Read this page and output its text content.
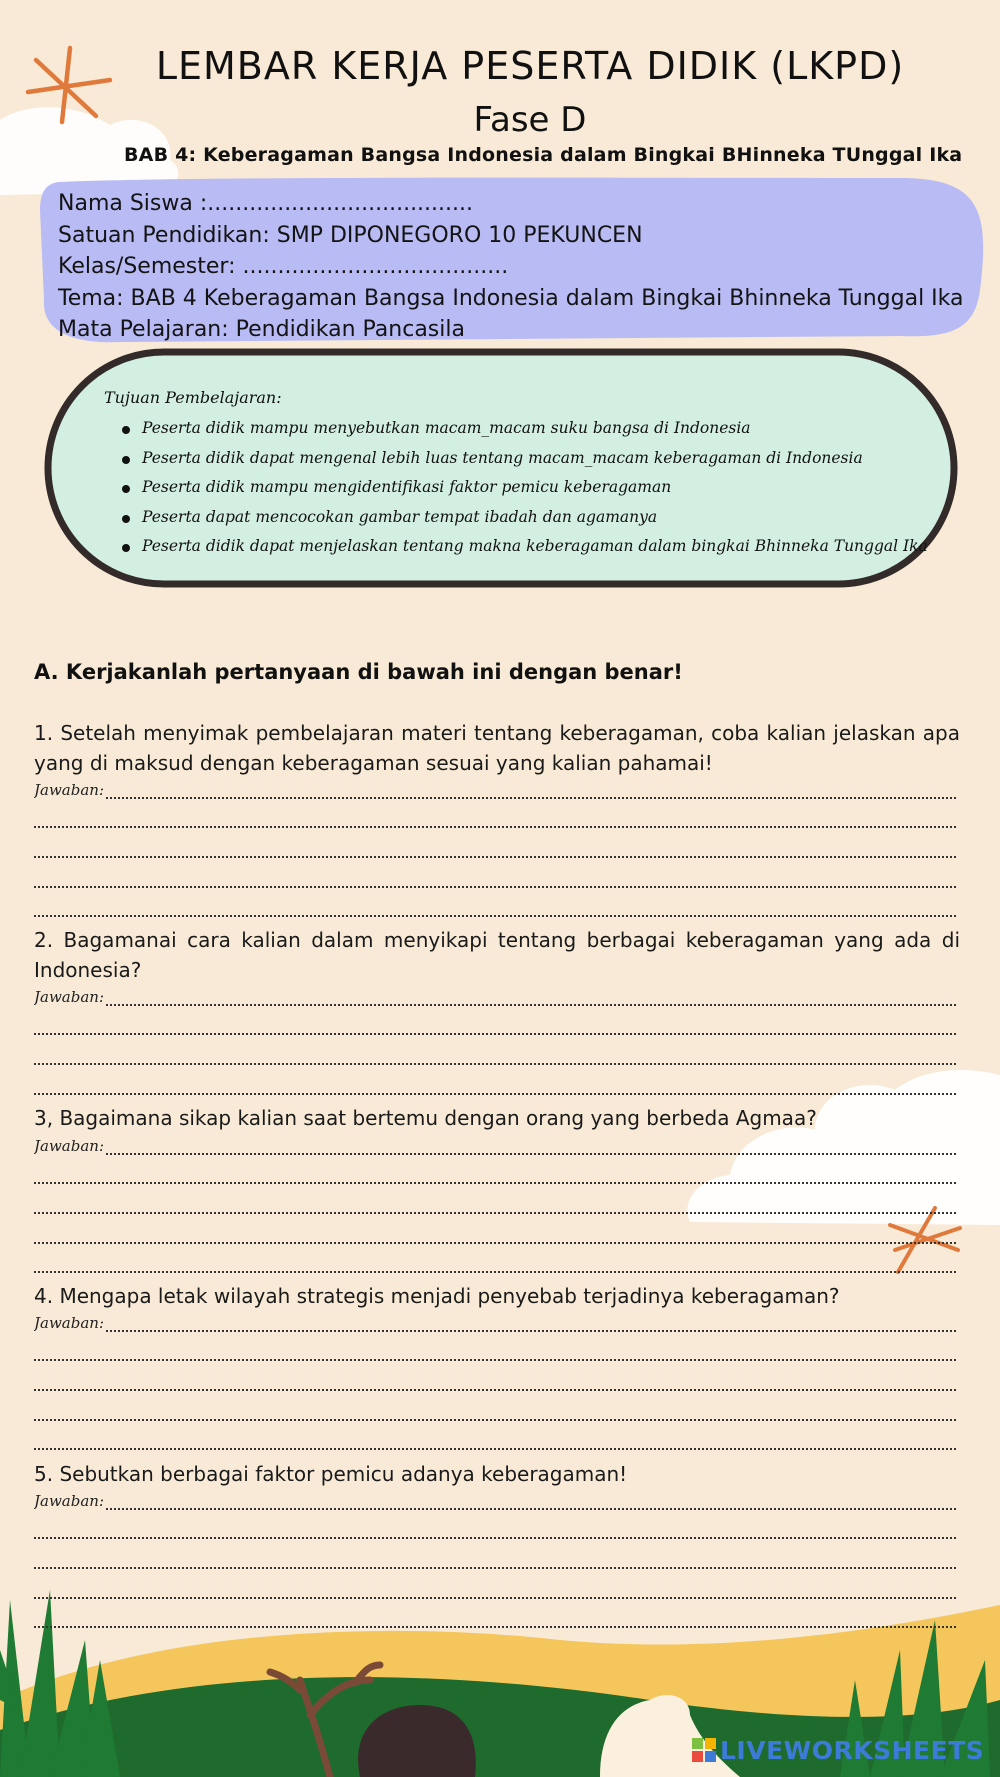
LEMBAR KERJA PESERTA DIDIK (LKPD)
Fase D
BAB 4: Keberagaman Bangsa Indonesia dalam Bingkai BHinneka TUnggal Ika
Nama Siswa :......................................
Satuan Pendidikan: SMP DIPONEGORO 10 PEKUNCEN
Kelas/Semester: ......................................
Tema: BAB 4 Keberagaman Bangsa Indonesia dalam Bingkai Bhinneka Tunggal Ika
Mata Pelajaran: Pendidikan Pancasila
Tujuan Pembelajaran:
Peserta didik mampu menyebutkan macam_macam suku bangsa di Indonesia
Peserta didik dapat mengenal lebih luas tentang macam_macam keberagaman di Indonesia
Peserta didik mampu mengidentifikasi faktor pemicu keberagaman
Peserta dapat mencocokan gambar tempat ibadah dan agamanya
Peserta didik dapat menjelaskan tentang makna keberagaman dalam bingkai Bhinneka Tunggal Ika
A. Kerjakanlah pertanyaan di bawah ini dengan benar!
1. Setelah menyimak pembelajaran materi tentang keberagaman, coba kalian jelaskan apa yang di maksud dengan keberagaman sesuai yang kalian pahamai!
Jawaban:
2. Bagamanai cara kalian dalam menyikapi tentang berbagai keberagaman yang ada di Indonesia?
Jawaban:
3, Bagaimana sikap kalian saat bertemu dengan orang yang berbeda Agmaa?
Jawaban:
4. Mengapa letak wilayah strategis menjadi penyebab terjadinya keberagaman?
Jawaban:
5. Sebutkan berbagai faktor pemicu adanya keberagaman!
Jawaban:
LIVEWORKSHEETS
